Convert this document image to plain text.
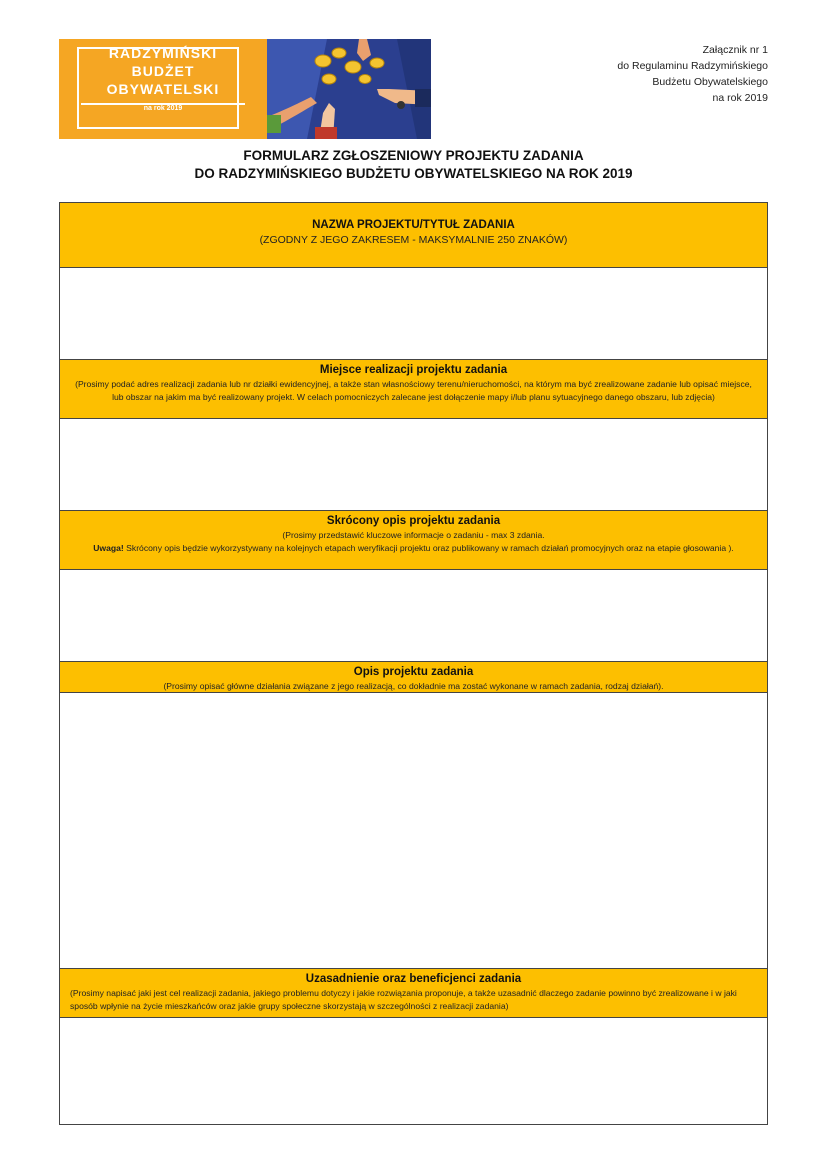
RADZYMIŃSKI
BUDŻET
OBYWATELSKI
na rok 2019
Załącznik nr 1
do Regulaminu Radzymińskiego
Budżetu Obywatelskiego
na rok 2019
FORMULARZ ZGŁOSZENIOWY PROJEKTU ZADANIA
DO RADZYMIŃSKIEGO BUDŻETU OBYWATELSKIEGO NA ROK 2019
NAZWA PROJEKTU/TYTUŁ ZADANIA
(ZGODNY Z JEGO ZAKRESEM - MAKSYMALNIE 250 ZNAKÓW)
Miejsce realizacji projektu zadania
(Prosimy podać adres realizacji zadania lub nr działki ewidencyjnej, a także stan własnościowy terenu/nieruchomości, na którym ma być zrealizowane zadanie lub opisać miejsce, lub obszar na jakim ma być realizowany projekt. W celach pomocniczych zalecane jest dołączenie mapy i/lub planu sytuacyjnego danego obszaru, lub zdjęcia)
Skrócony opis projektu zadania
(Prosimy przedstawić kluczowe informacje o zadaniu - max 3 zdania.
Uwaga! Skrócony opis będzie wykorzystywany na kolejnych etapach weryfikacji projektu oraz publikowany w ramach działań promocyjnych oraz na etapie głosowania ).
Opis projektu zadania
(Prosimy opisać główne działania związane z jego realizacją, co dokładnie ma zostać wykonane w ramach zadania, rodzaj działań).
Uzasadnienie oraz beneficjenci zadania
(Prosimy napisać jaki jest cel realizacji zadania, jakiego problemu dotyczy i jakie rozwiązania proponuje, a także uzasadnić dlaczego zadanie powinno być zrealizowane i w jaki sposób wpłynie na życie mieszkańców oraz jakie grupy społeczne skorzystają w szczególności z realizacji zadania)
